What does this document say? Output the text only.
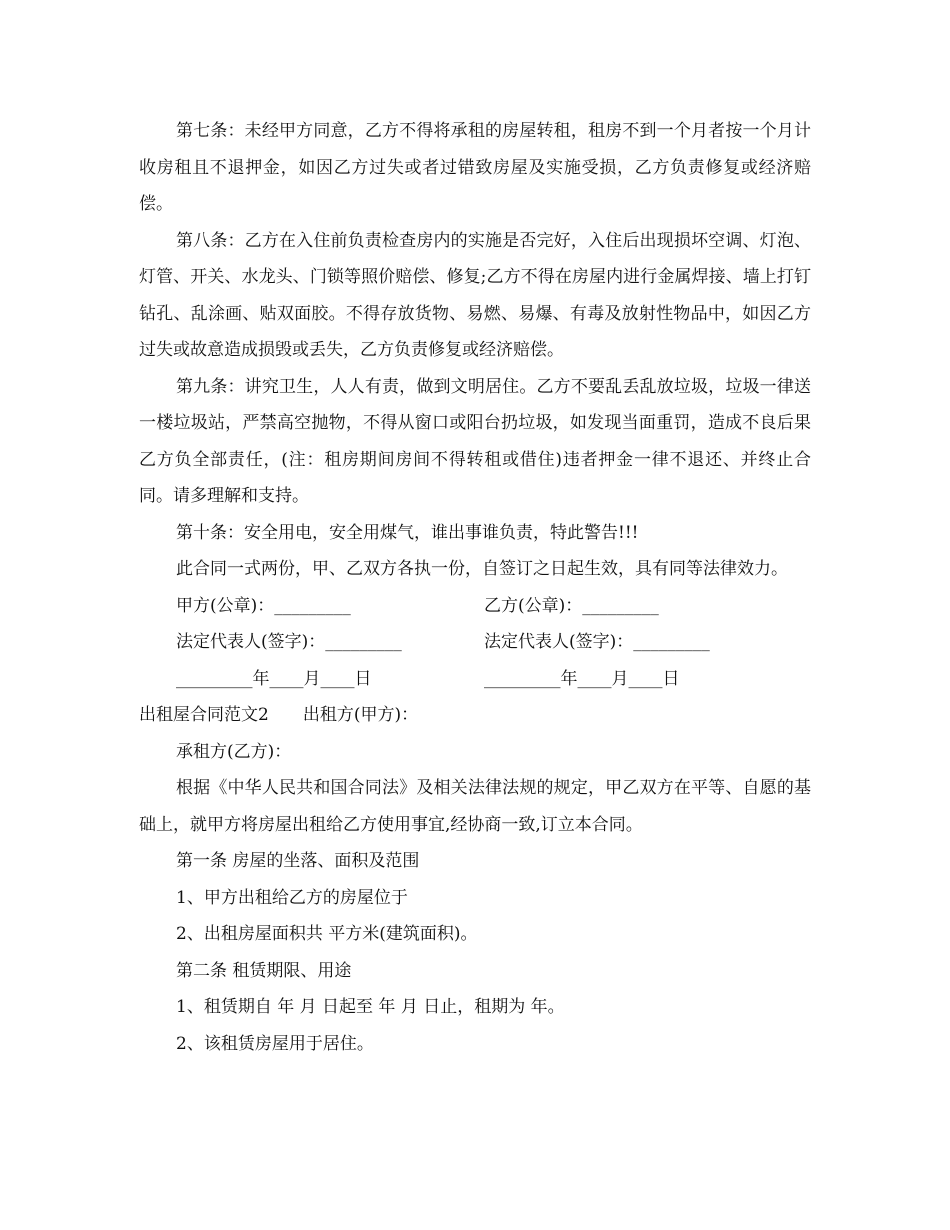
第七条：未经甲方同意，乙方不得将承租的房屋转租，租房不到一个月者按一个月计收房租且不退押金，如因乙方过失或者过错致房屋及实施受损，乙方负责修复或经济赔偿。

第八条：乙方在入住前负责检查房内的实施是否完好，入住后出现损坏空调、灯泡、灯管、开关、水龙头、门锁等照价赔偿、修复;乙方不得在房屋内进行金属焊接、墙上打钉钻孔、乱涂画、贴双面胶。不得存放货物、易燃、易爆、有毒及放射性物品中，如因乙方过失或故意造成损毁或丢失，乙方负责修复或经济赔偿。

第九条：讲究卫生，人人有责，做到文明居住。乙方不要乱丢乱放垃圾，垃圾一律送一楼垃圾站，严禁高空抛物，不得从窗口或阳台扔垃圾，如发现当面重罚，造成不良后果乙方负全部责任，(注：租房期间房间不得转租或借住)违者押金一律不退还、并终止合同。请多理解和支持。

第十条：安全用电，安全用煤气，谁出事谁负责，特此警告!!!

此合同一式两份，甲、乙双方各执一份，自签订之日起生效，具有同等法律效力。

甲方(公章)：_________	乙方(公章)：_________
法定代表人(签字)：_________	法定代表人(签字)：_________
_________年____月____日	_________年____月____日

出租屋合同范文2　　出租方(甲方)：

承租方(乙方)：

根据《中华人民共和国合同法》及相关法律法规的规定，甲乙双方在平等、自愿的基础上，就甲方将房屋出租给乙方使用事宜,经协商一致,订立本合同。

第一条 房屋的坐落、面积及范围

1、甲方出租给乙方的房屋位于

2、出租房屋面积共 平方米(建筑面积)。

第二条 租赁期限、用途

1、租赁期自 年 月 日起至 年 月 日止，租期为 年。

2、该租赁房屋用于居住。
